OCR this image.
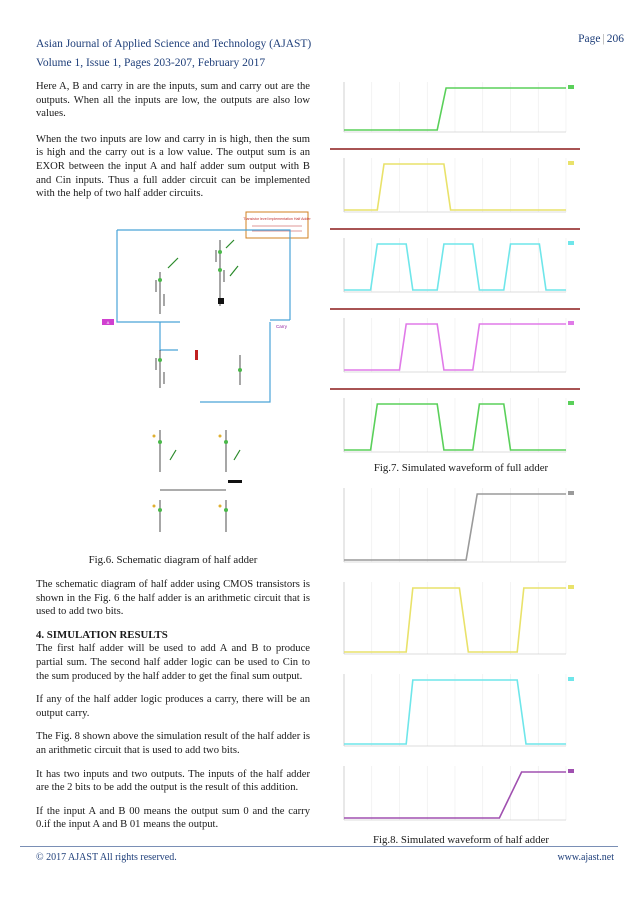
Asian Journal of Applied Science and Technology (AJAST)
Volume 1, Issue 1, Pages 203-207, February 2017
Page | 206

Here A, B and carry in are the inputs, sum and carry out are the outputs. When all the inputs are low, the outputs are also low values.

When the two inputs are low and carry in is high, then the sum is high and the carry out is a low value. The output sum is an EXOR between the input A and half adder sum output with B and Cin inputs. Thus a full adder circuit can be implemented with the help of two half adder circuits.

Transistor level implementation Half Adder
A
Carry
Fig.6. Schematic diagram of half adder

The schematic diagram of half adder using CMOS transistors is shown in the Fig. 6 the half adder is an arithmetic circuit that is used to add two bits.

4. SIMULATION RESULTS

The first half adder will be used to add A and B to produce partial sum. The second half adder logic can be used to Cin to the sum produced by the half adder to get the final sum output.

If any of the half adder logic produces a carry, there will be an output carry.

The Fig. 8 shown above the simulation result of the half adder is an arithmetic circuit that is used to add two bits.

It has two inputs and two outputs. The inputs of the half adder are the 2 bits to be add the output is the result of this addition.

If the input A and B 00 means the output sum 0 and the carry 0.if the input A and B 01 means the output.

Fig.7. Simulated waveform of full adder
Fig.8. Simulated waveform of half adder
© 2017 AJAST All rights reserved.	www.ajast.net
